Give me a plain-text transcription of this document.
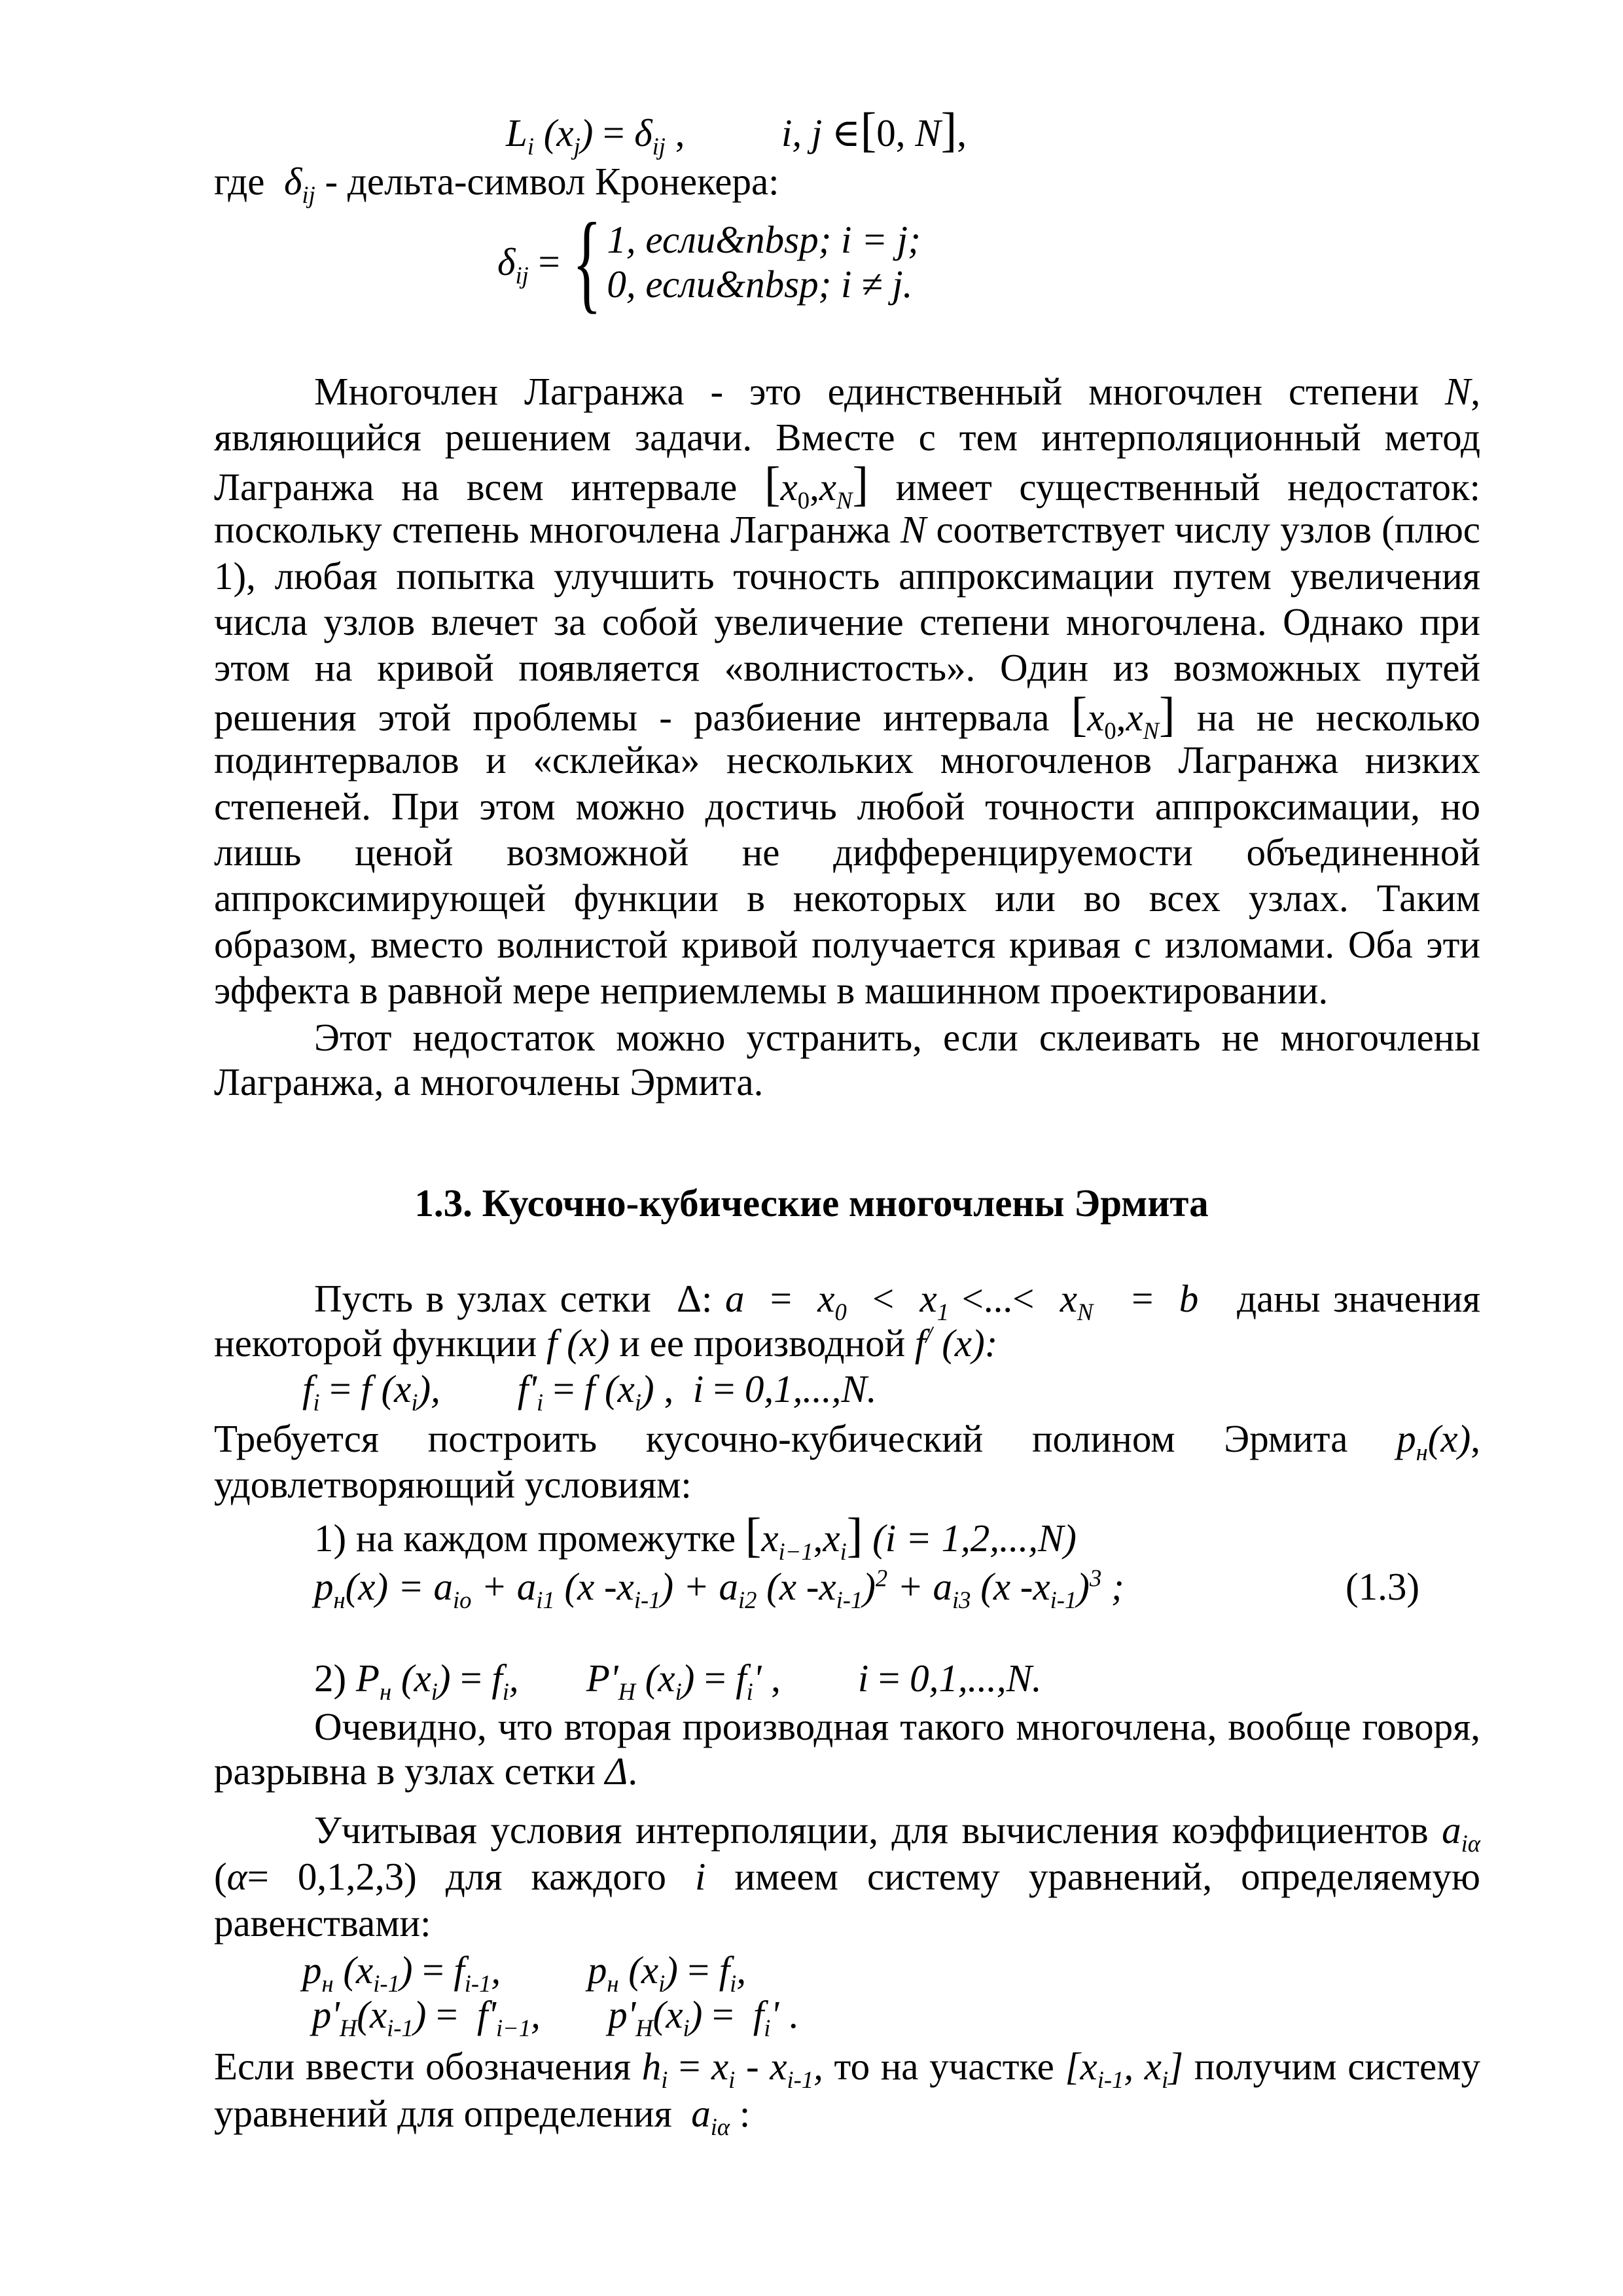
$L_i$ $(x_j) = \delta_{ij}$ ,          i, j ∈[0, N],
где  $\delta_{ij}$ - дельта-символ Кронекера:
$\delta_{ij}$ = { 1, если&nbsp; i = j;
0, если&nbsp; i ≠ j.
Многочлен Лагранжа - это единственный многочлен степени N,
являющийся решением задачи. Вместе с тем интерполяционный метод
Лагранжа на всем интервале $[x_0,x_N]$ имеет существенный недостаток:
поскольку степень многочлена Лагранжа N соответствует числу узлов (плюс
1), любая попытка улучшить точность аппроксимации путем увеличения
числа узлов влечет за собой увеличение степени многочлена. Однако при
этом на кривой появляется «волнистость». Один из возможных путей
решения этой проблемы - разбиение интервала $[x_0,x_N]$ на не несколько
подинтервалов и «склейка» нескольких многочленов Лагранжа низких
степеней. При этом можно достичь любой точности аппроксимации, но
лишь ценой возможной не дифференцируемости объединенной
аппроксимирующей функции в некоторых или во всех узлах. Таким
образом, вместо волнистой кривой получается кривая с изломами. Оба эти
эффекта в равной мере неприемлемы в машинном проектировании.
Этот недостаток можно устранить, если склеивать не многочлены
Лагранжа, а многочлены Эрмита.
1.3. Кусочно-кубические многочлены Эрмита
Пусть в узлах сетки  Δ: $a = x_0 < x_1$ <...<  $x_N = b$   даны значения
некоторой функции f (x) и ее производной f/ (x):
$f_i = f$ $(x_i)$, $f'_i = f$ $(x_i)$ ,  i = 0,1,...,N.
Требуется построить кусочно-кубический полином Эрмита $p_н(x)$,
удовлетворяющий условиям:
1) на каждом промежутке $[x_{i-1},x_i] (i = 1,2,...,N)$
$p_н(x) = a_{io} + a_{i1}$ (x $-x_{i-1}) + a_{i2}$ (x $-x_{i-1})^2 + a_{i3}$ (x $-x_{i-1})^3$ ;	(1.3)
2) $P_н$ $(x_i) = f_i$, $P'_H$ $(x_i) = f_i'$ ,        i = 0,1,...,N.
Очевидно, что вторая производная такого многочлена, вообще говоря,
разрывна в узлах сетки Δ.
Учитывая условия интерполяции, для вычисления коэффициентов $a_{i\alpha}$
(α= 0,1,2,3) для каждого i имеем систему уравнений, определяемую
равенствами:
$p_н$ $(x_{i-1}) = f_{i-1}$, $p_н$ $(x_i) = f_i$,
$p'_H(x_{i-1}) = f'_{i-1}$, $p'_H(x_i) = f_i'$ .
Если ввести обозначения $h_i = x_i - x_{i-1}$, то на участке [$x_{i-1}$, $x_i$] получим систему
уравнений для определения  $a_{i\alpha}$ :
